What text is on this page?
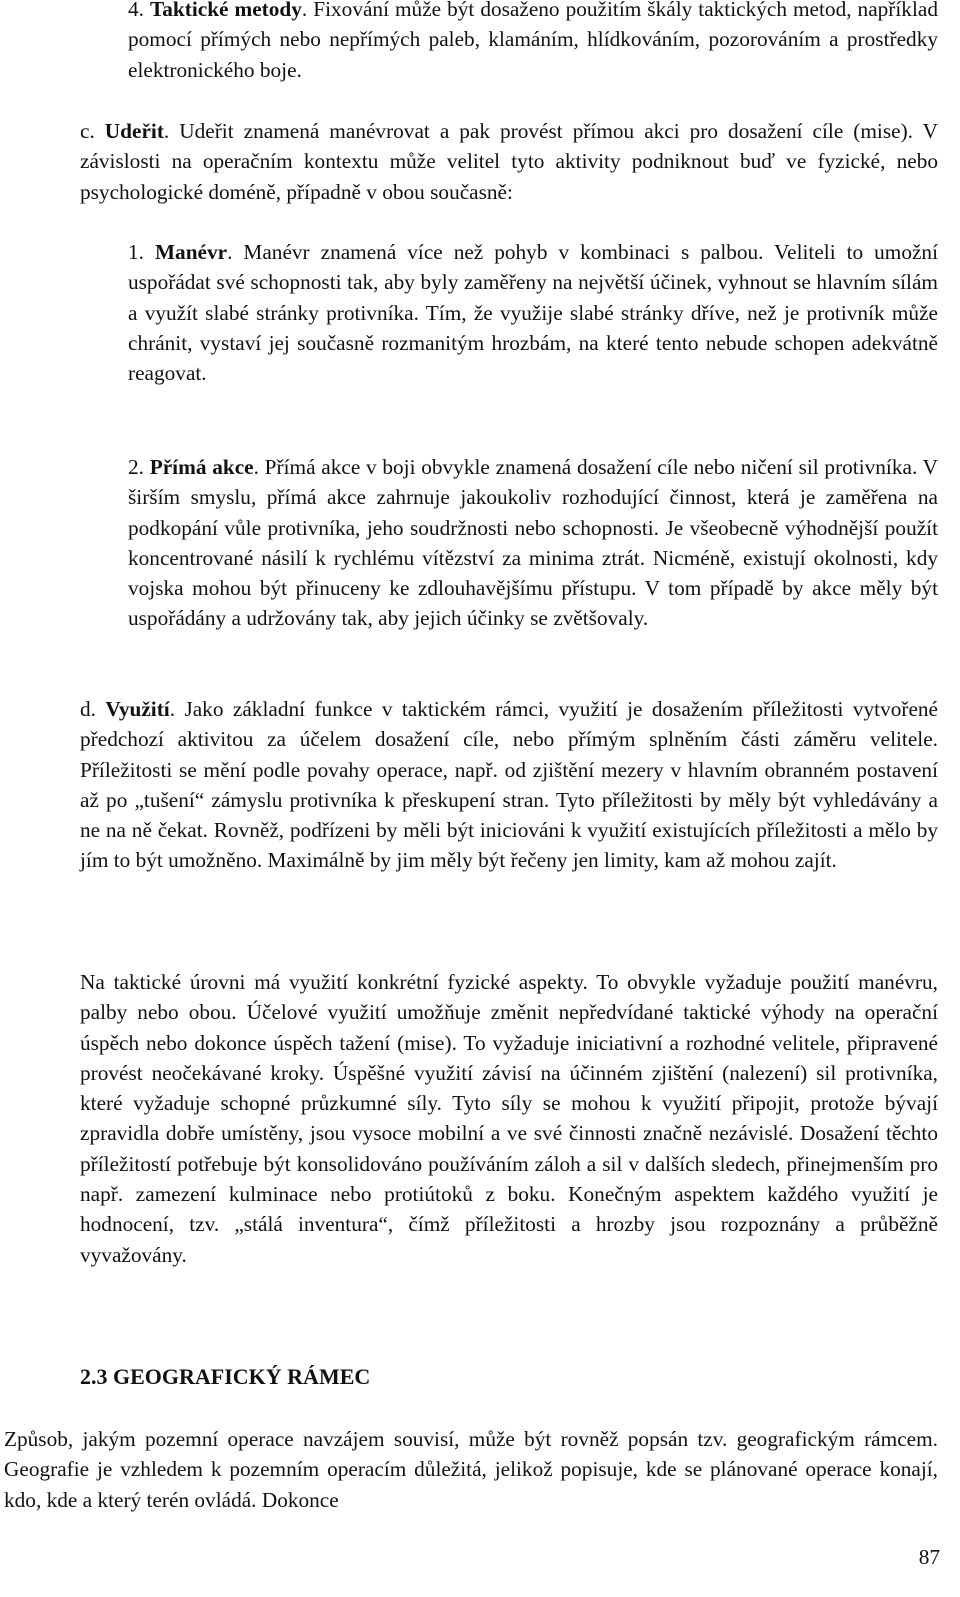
4. Taktické metody. Fixování může být dosaženo použitím škály taktických metod, například pomocí přímých nebo nepřímých paleb, klamáním, hlídkováním, pozorováním a prostředky elektronického boje.
c. Udeřit. Udeřit znamená manévrovat a pak provést přímou akci pro dosažení cíle (mise). V závislosti na operačním kontextu může velitel tyto aktivity podniknout buď ve fyzické, nebo psychologické doméně, případně v obou současně:
1. Manévr. Manévr znamená více než pohyb v kombinaci s palbou. Veliteli to umožní uspořádat své schopnosti tak, aby byly zaměřeny na největší účinek, vyhnout se hlavním sílám a využít slabé stránky protivníka. Tím, že využije slabé stránky dříve, než je protivník může chránit, vystaví jej současně rozmanitým hrozbám, na které tento nebude schopen adekvátně reagovat.
2. Přímá akce. Přímá akce v boji obvykle znamená dosažení cíle nebo ničení sil protivníka. V širším smyslu, přímá akce zahrnuje jakoukoliv rozhodující činnost, která je zaměřena na podkopání vůle protivníka, jeho soudržnosti nebo schopnosti. Je všeobecně výhodnější použít koncentrované násilí k rychlému vítězství za minima ztrát. Nicméně, existují okolnosti, kdy vojska mohou být přinuceny ke zdlouhavějšímu přístupu. V tom případě by akce měly být uspořádány a udržovány tak, aby jejich účinky se zvětšovaly.
d. Využití. Jako základní funkce v taktickém rámci, využití je dosažením příležitosti vytvořené předchozí aktivitou za účelem dosažení cíle, nebo přímým splněním části záměru velitele. Příležitosti se mění podle povahy operace, např. od zjištění mezery v hlavním obranném postavení až po „tušení“ zámyslu protivníka k přeskupení stran. Tyto příležitosti by měly být vyhledávány a ne na ně čekat. Rovněž, podřízeni by měli být iniciováni k využití existujících příležitosti a mělo by jím to být umožněno. Maximálně by jim měly být řečeny jen limity, kam až mohou zajít.
Na taktické úrovni má využití konkrétní fyzické aspekty. To obvykle vyžaduje použití manévru, palby nebo obou. Účelové využití umožňuje změnit nepředvídané taktické výhody na operační úspěch nebo dokonce úspěch tažení (mise). To vyžaduje iniciativní a rozhodné velitele, připravené provést neočekávané kroky. Úspěšné využití závisí na účinném zjištění (nalezení) sil protivníka, které vyžaduje schopné průzkumné síly. Tyto síly se mohou k využití připojit, protože bývají zpravidla dobře umístěny, jsou vysoce mobilní a ve své činnosti značně nezávislé. Dosažení těchto příležitostí potřebuje být konsolidováno používáním záloh a sil v dalších sledech, přinejmenším pro např. zamezení kulminace nebo protiútoků z boku. Konečným aspektem každého využití je hodnocení, tzv. „stálá inventura“, čímž příležitosti a hrozby jsou rozpoznány a průběžně vyvažovány.
2.3 GEOGRAFICKÝ RÁMEC
Způsob, jakým pozemní operace navzájem souvisí, může být rovněž popsán tzv. geografickým rámcem. Geografie je vzhledem k pozemním operacím důležitá, jelikož popisuje, kde se plánované operace konají, kdo, kde a který terén ovládá. Dokonce
87
